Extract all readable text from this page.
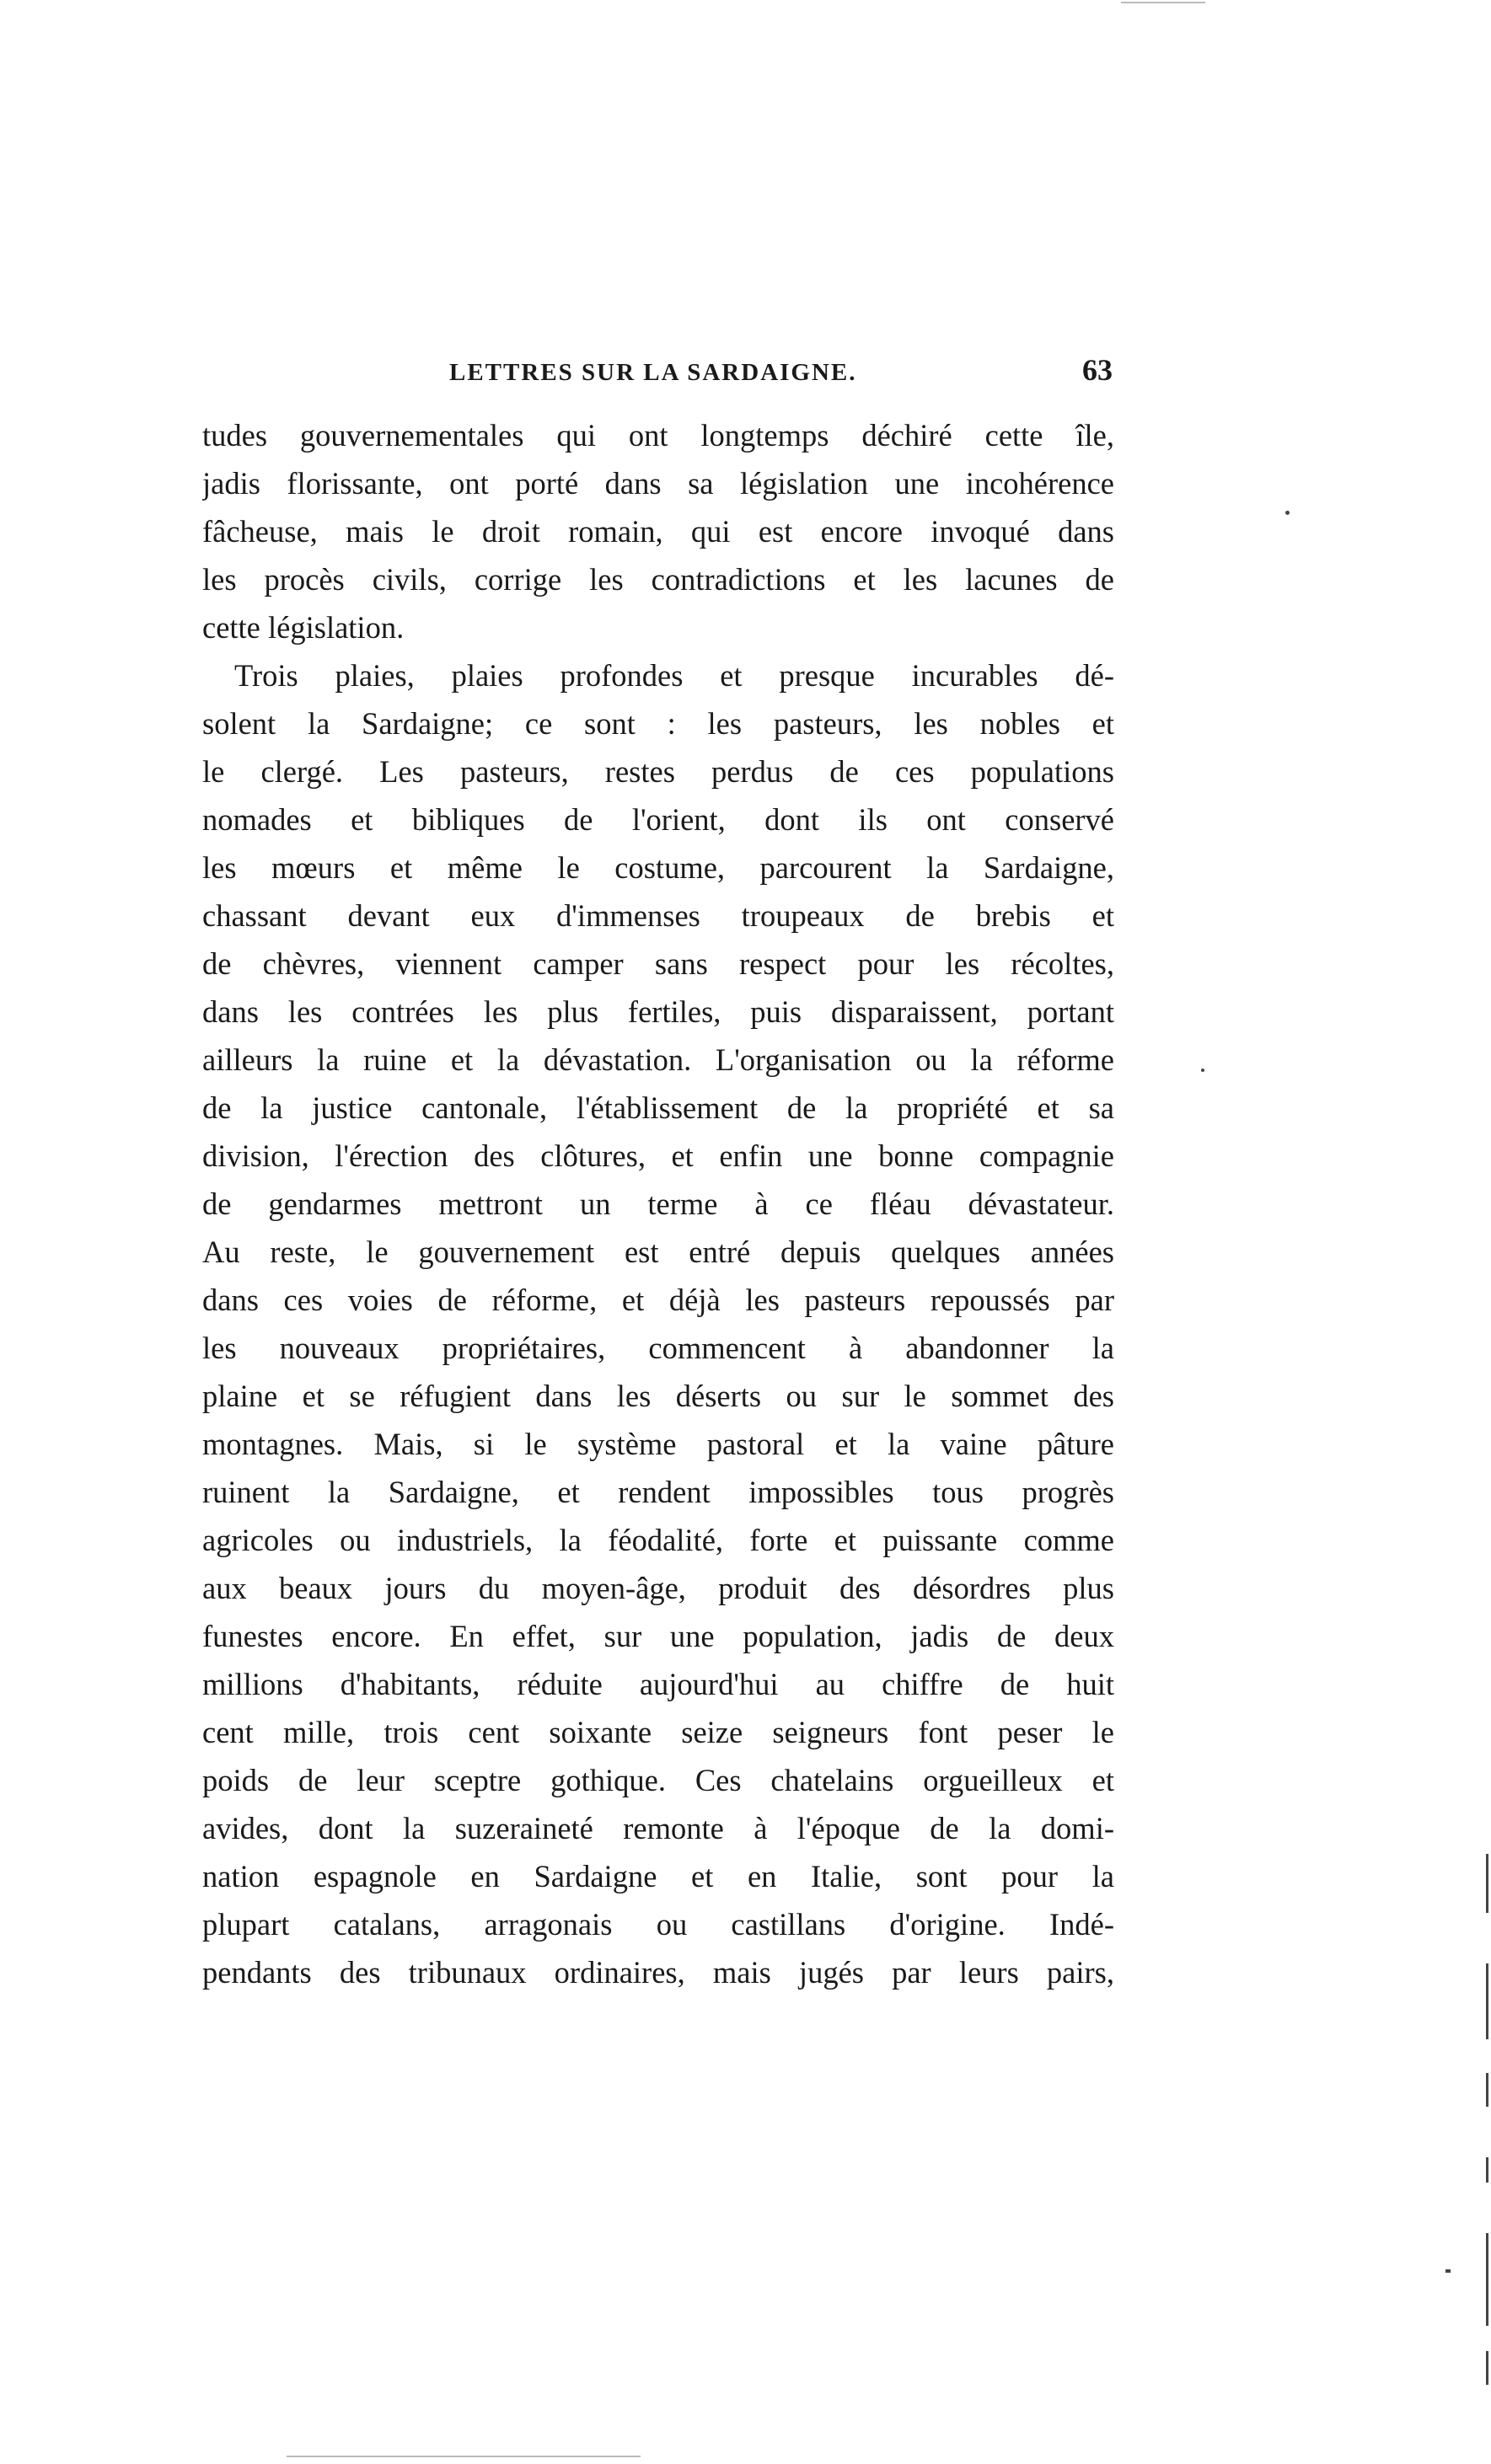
LETTRES SUR LA SARDAIGNE.	63
tudes gouvernementales qui ont longtemps déchiré cette île,
jadis florissante, ont porté dans sa législation une incohérence
fâcheuse, mais le droit romain, qui est encore invoqué dans
les procès civils, corrige les contradictions et les lacunes de
cette législation.
Trois plaies, plaies profondes et presque incurables dé-
solent la Sardaigne; ce sont : les pasteurs, les nobles et
le clergé. Les pasteurs, restes perdus de ces populations
nomades et bibliques de l'orient, dont ils ont conservé
les mœurs et même le costume, parcourent la Sardaigne,
chassant devant eux d'immenses troupeaux de brebis et
de chèvres, viennent camper sans respect pour les récoltes,
dans les contrées les plus fertiles, puis disparaissent, portant
ailleurs la ruine et la dévastation. L'organisation ou la réforme
de la justice cantonale, l'établissement de la propriété et sa
division, l'érection des clôtures, et enfin une bonne compagnie
de gendarmes mettront un terme à ce fléau dévastateur.
Au reste, le gouvernement est entré depuis quelques années
dans ces voies de réforme, et déjà les pasteurs repoussés par
les nouveaux propriétaires, commencent à abandonner la
plaine et se réfugient dans les déserts ou sur le sommet des
montagnes. Mais, si le système pastoral et la vaine pâture
ruinent la Sardaigne, et rendent impossibles tous progrès
agricoles ou industriels, la féodalité, forte et puissante comme
aux beaux jours du moyen-âge, produit des désordres plus
funestes encore. En effet, sur une population, jadis de deux
millions d'habitants, réduite aujourd'hui au chiffre de huit
cent mille, trois cent soixante seize seigneurs font peser le
poids de leur sceptre gothique. Ces chatelains orgueilleux et
avides, dont la suzeraineté remonte à l'époque de la domi-
nation espagnole en Sardaigne et en Italie, sont pour la
plupart catalans, arragonais ou castillans d'origine. Indé-
pendants des tribunaux ordinaires, mais jugés par leurs pairs,
